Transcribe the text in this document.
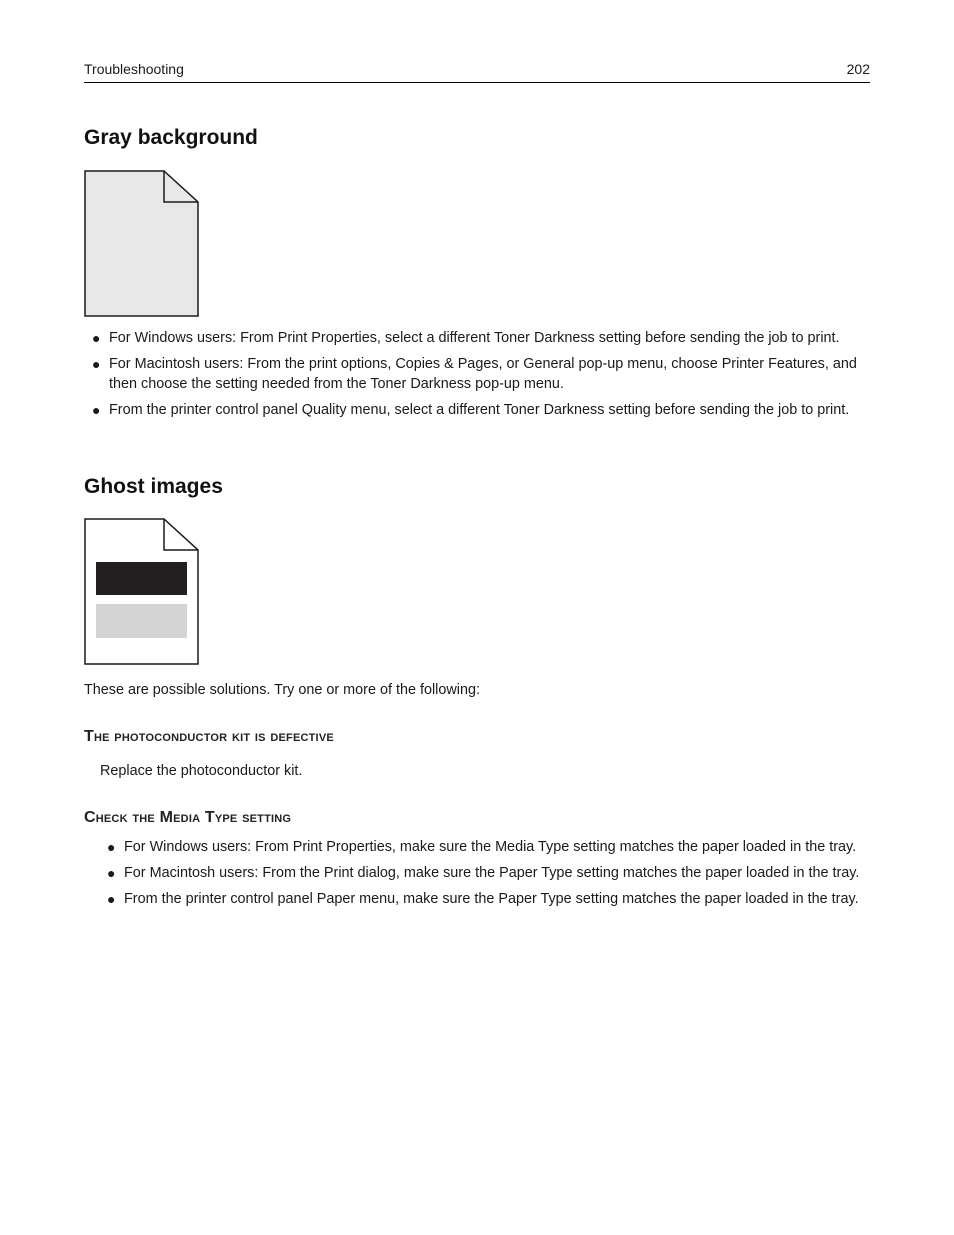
Troubleshooting	202
Gray background
● For Windows users: From Print Properties, select a different Toner Darkness setting before sending the job to print.
● For Macintosh users: From the print options, Copies & Pages, or General pop-up menu, choose Printer Features, and then choose the setting needed from the Toner Darkness pop-up menu.
● From the printer control panel Quality menu, select a different Toner Darkness setting before sending the job to print.
Ghost images
These are possible solutions. Try one or more of the following:
The photoconductor kit is defective
Replace the photoconductor kit.
Check the Media Type setting
● For Windows users: From Print Properties, make sure the Media Type setting matches the paper loaded in the tray.
● For Macintosh users: From the Print dialog, make sure the Paper Type setting matches the paper loaded in the tray.
● From the printer control panel Paper menu, make sure the Paper Type setting matches the paper loaded in the tray.
